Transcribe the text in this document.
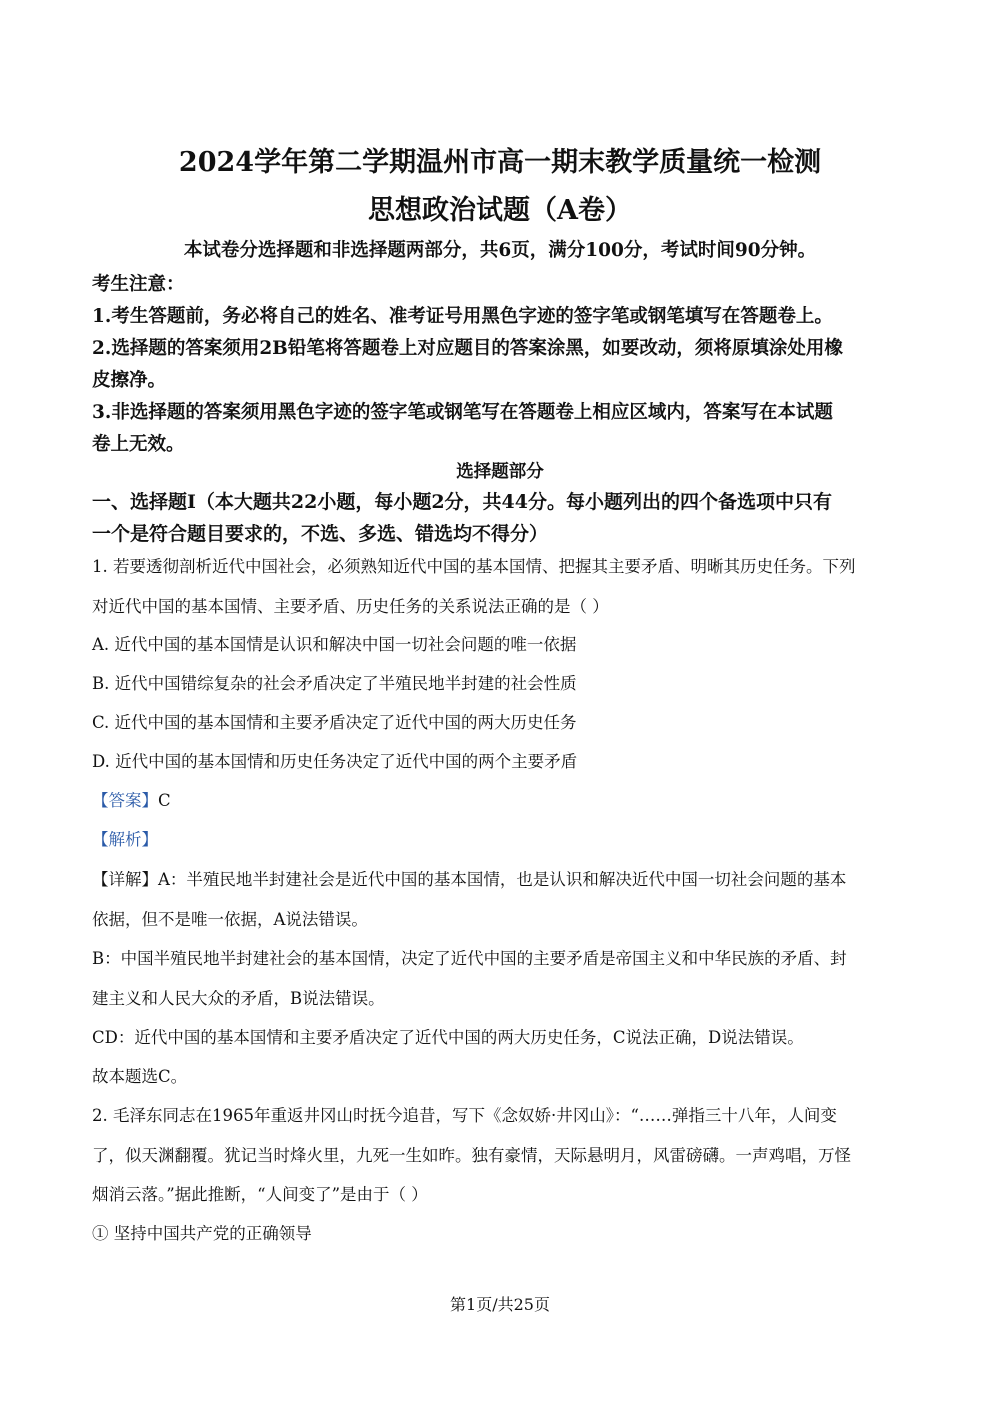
2024学年第二学期温州市高一期末教学质量统一检测
思想政治试题（A卷）
本试卷分选择题和非选择题两部分，共6页，满分100分，考试时间90分钟。
考生注意：
1.考生答题前，务必将自己的姓名、准考证号用黑色字迹的签字笔或钢笔填写在答题卷上。
2.选择题的答案须用2B铅笔将答题卷上对应题目的答案涂黑，如要改动，须将原填涂处用橡
皮擦净。
3.非选择题的答案须用黑色字迹的签字笔或钢笔写在答题卷上相应区域内，答案写在本试题
卷上无效。
选择题部分
一、选择题Ⅰ（本大题共22小题，每小题2分，共44分。每小题列出的四个备选项中只有
一个是符合题目要求的，不选、多选、错选均不得分）
1. 若要透彻剖析近代中国社会，必须熟知近代中国的基本国情、把握其主要矛盾、明晰其历史任务。下列
对近代中国的基本国情、主要矛盾、历史任务的关系说法正确的是（ ）
A. 近代中国的基本国情是认识和解决中国一切社会问题的唯一依据
B. 近代中国错综复杂的社会矛盾决定了半殖民地半封建的社会性质
C. 近代中国的基本国情和主要矛盾决定了近代中国的两大历史任务
D. 近代中国的基本国情和历史任务决定了近代中国的两个主要矛盾
【答案】C
【解析】
【详解】A：半殖民地半封建社会是近代中国的基本国情，也是认识和解决近代中国一切社会问题的基本
依据，但不是唯一依据，A说法错误。
B：中国半殖民地半封建社会的基本国情，决定了近代中国的主要矛盾是帝国主义和中华民族的矛盾、封
建主义和人民大众的矛盾，B说法错误。
CD：近代中国的基本国情和主要矛盾决定了近代中国的两大历史任务，C说法正确，D说法错误。
故本题选C。
2. 毛泽东同志在1965年重返井冈山时抚今追昔，写下《念奴娇·井冈山》：“……弹指三十八年，人间变
了，似天渊翻覆。犹记当时烽火里，九死一生如昨。独有豪情，天际悬明月，风雷磅礴。一声鸡唱，万怪
烟消云落。”据此推断，“人间变了”是由于（ ）
① 坚持中国共产党的正确领导
第1页/共25页
